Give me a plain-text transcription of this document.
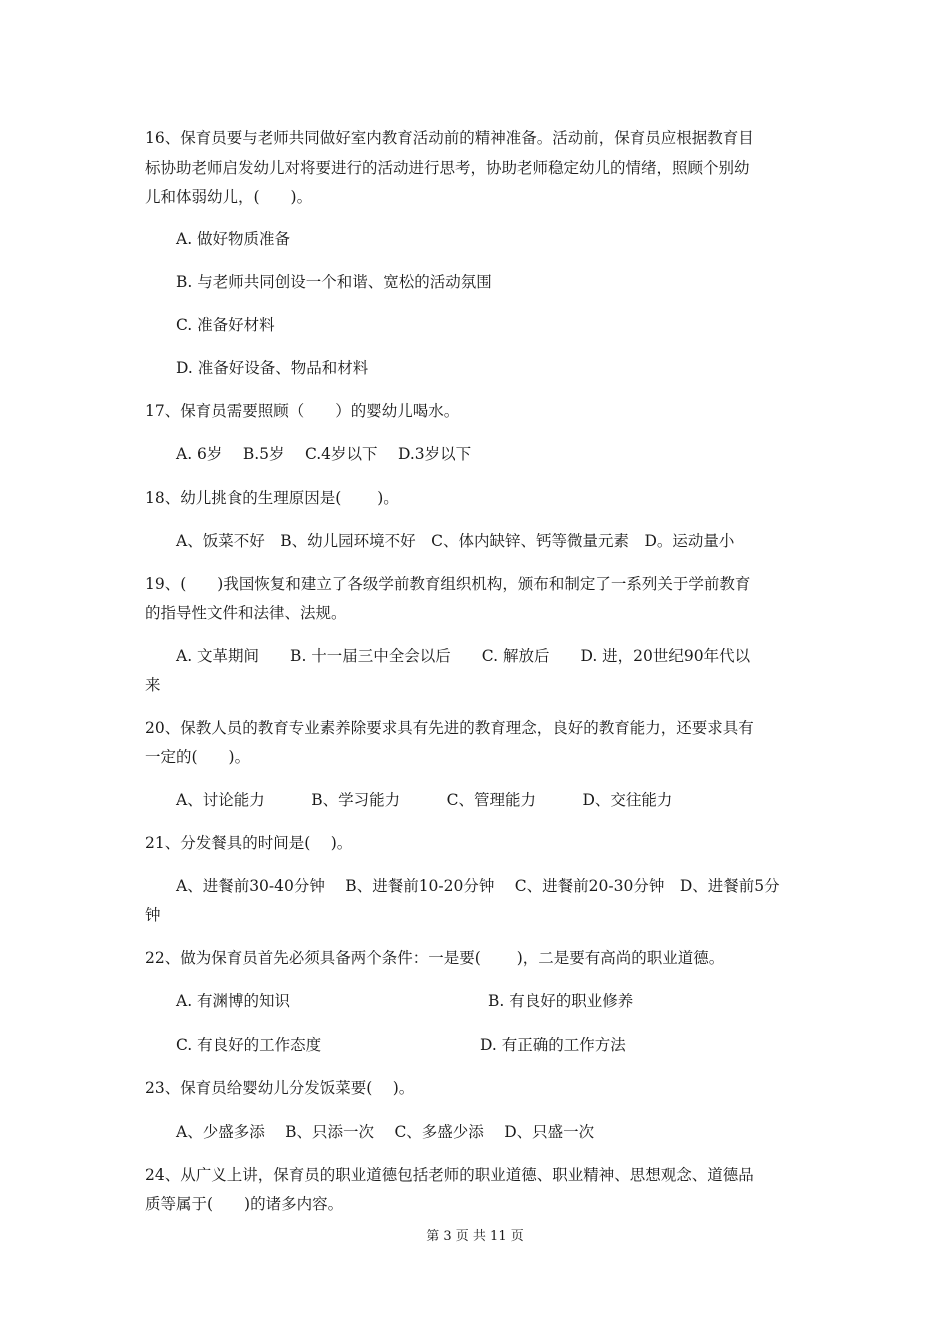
16、保育员要与老师共同做好室内教育活动前的精神准备。活动前，保育员应根据教育目
标协助老师启发幼儿对将要进行的活动进行思考，协助老师稳定幼儿的情绪，照顾个别幼
儿和体弱幼儿，(　　)。
A. 做好物质准备
B. 与老师共同创设一个和谐、宽松的活动氛围
C. 准备好材料
D. 准备好设备、物品和材料
17、保育员需要照顾（　　）的婴幼儿喝水。
A. 6岁　 B.5岁　 C.4岁以下　 D.3岁以下
18、幼儿挑食的生理原因是(　　 )。
A、饭菜不好　B、幼儿园环境不好　C、体内缺锌、钙等微量元素　D。运动量小
19、(　　)我国恢复和建立了各级学前教育组织机构，颁布和制定了一系列关于学前教育
的指导性文件和法律、法规。
A. 文革期间　　B. 十一届三中全会以后　　C. 解放后　　D. 进，20世纪90年代以
来
20、保教人员的教育专业素养除要求具有先进的教育理念，良好的教育能力，还要求具有
一定的(　　)。
A、讨论能力　　　B、学习能力　　　C、管理能力　　　D、交往能力
21、分发餐具的时间是(　 )。
A、进餐前30-40分钟　 B、进餐前10-20分钟　 C、进餐前20-30分钟　D、进餐前5分
钟
22、做为保育员首先必须具备两个条件：一是要(　　 )，二是要有高尚的职业道德。
A. 有渊博的知识	B. 有良好的职业修养
C. 有良好的工作态度	D. 有正确的工作方法
23、保育员给婴幼儿分发饭菜要(　 )。
A、少盛多添　 B、只添一次　 C、多盛少添　 D、只盛一次
24、从广义上讲，保育员的职业道德包括老师的职业道德、职业精神、思想观念、道德品
质等属于(　　)的诸多内容。
第 3 页 共 11 页
